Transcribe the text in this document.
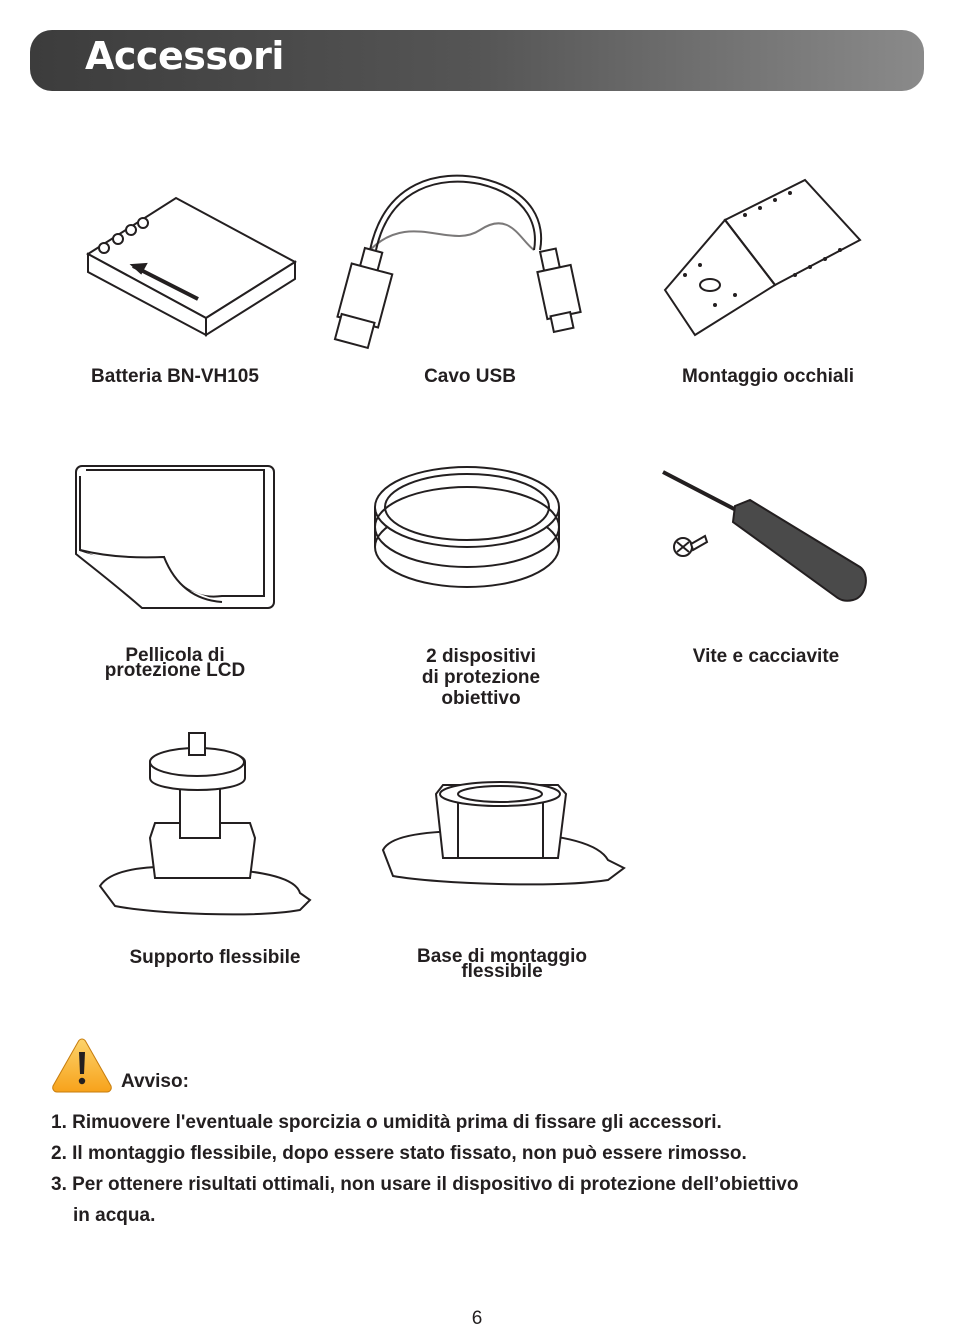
Accessori
Batteria BN-VH105	Cavo USB	Montaggio occhiali
Pellicola di
protezione LCD
2 dispositivi
di protezione
obiettivo
Vite e cacciavite
Supporto flessibile	Base di montaggio
flessibile
Avviso:
1. Rimuovere l'eventuale sporcizia o umidità prima di fissare gli accessori.
2. Il montaggio flessibile, dopo essere stato fissato, non può essere rimosso.
3. Per ottenere risultati ottimali, non usare il dispositivo di protezione dell’obiettivo
in acqua.
6
